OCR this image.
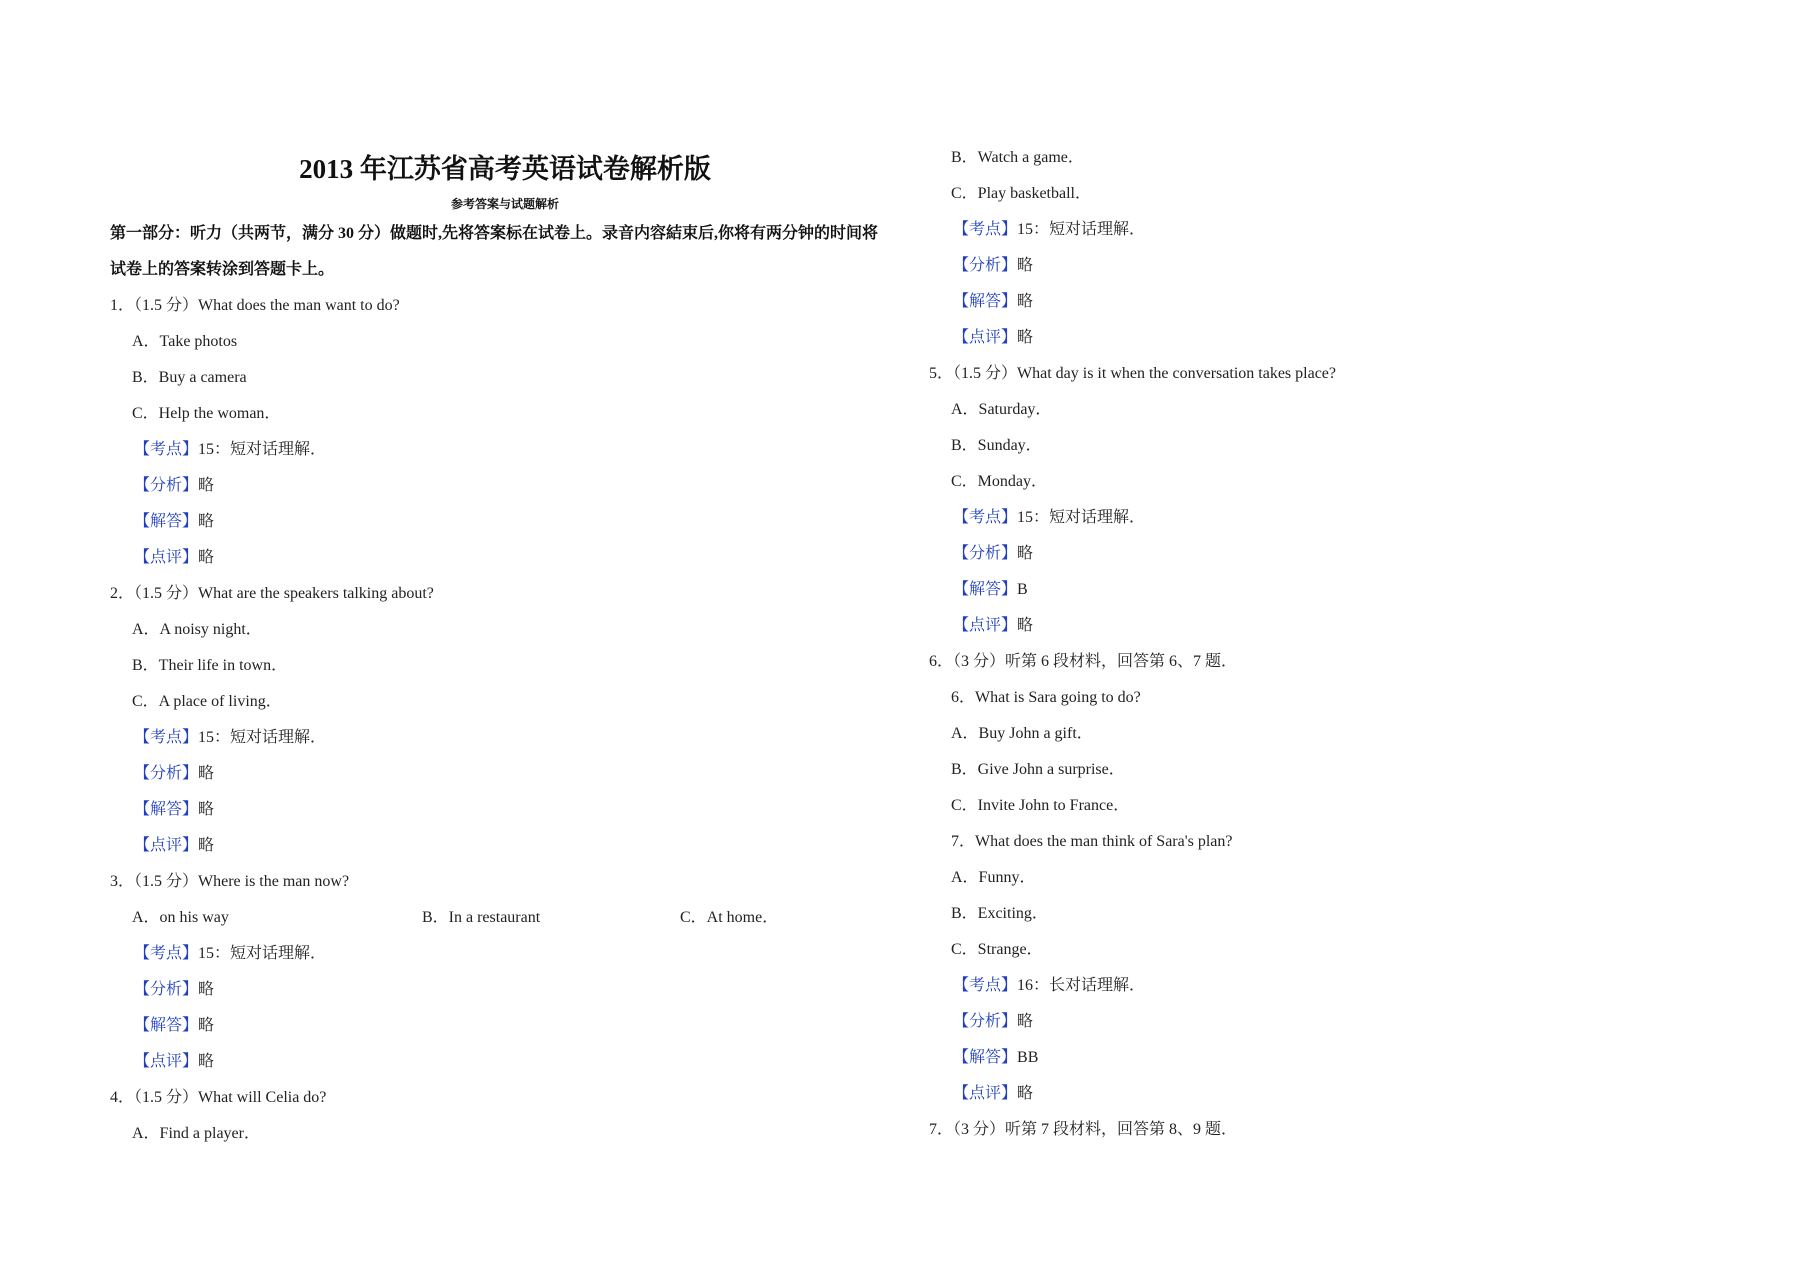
2013 年江苏省高考英语试卷解析版
参考答案与试题解析
第一部分：听力（共两节，满分 30 分）做题时,先将答案标在试卷上。录音内容結束后,你将有两分钟的时间将
试卷上的答案转涂到答题卡上。
1．（1.5 分）What does the man want to do?
A．Take photos
B．Buy a camera
C．Help the woman．
【考点】15：短对话理解．
【分析】略
【解答】略
【点评】略
2．（1.5 分）What are the speakers talking about?
A．A noisy night．
B．Their life in town．
C．A place of living．
【考点】15：短对话理解．
【分析】略
【解答】略
【点评】略
3．（1.5 分）Where is the man now?
A．on his way	B．In a restaurant	C．At home．
【考点】15：短对话理解．
【分析】略
【解答】略
【点评】略
4．（1.5 分）What will Celia do?
A．Find a player．
B．Watch a game．
C．Play basketball．
【考点】15：短对话理解．
【分析】略
【解答】略
【点评】略
5．（1.5 分）What day is it when the conversation takes place?
A．Saturday．
B．Sunday．
C．Monday．
【考点】15：短对话理解．
【分析】略
【解答】B
【点评】略
6．（3 分）听第 6 段材料，回答第 6、7 题．
6．What is Sara going to do?
A．Buy John a gift．
B．Give John a surprise．
C．Invite John to France．
7．What does the man think of Sara's plan?
A．Funny．
B．Exciting．
C．Strange．
【考点】16：长对话理解．
【分析】略
【解答】BB
【点评】略
7．（3 分）听第 7 段材料，回答第 8、9 题．
